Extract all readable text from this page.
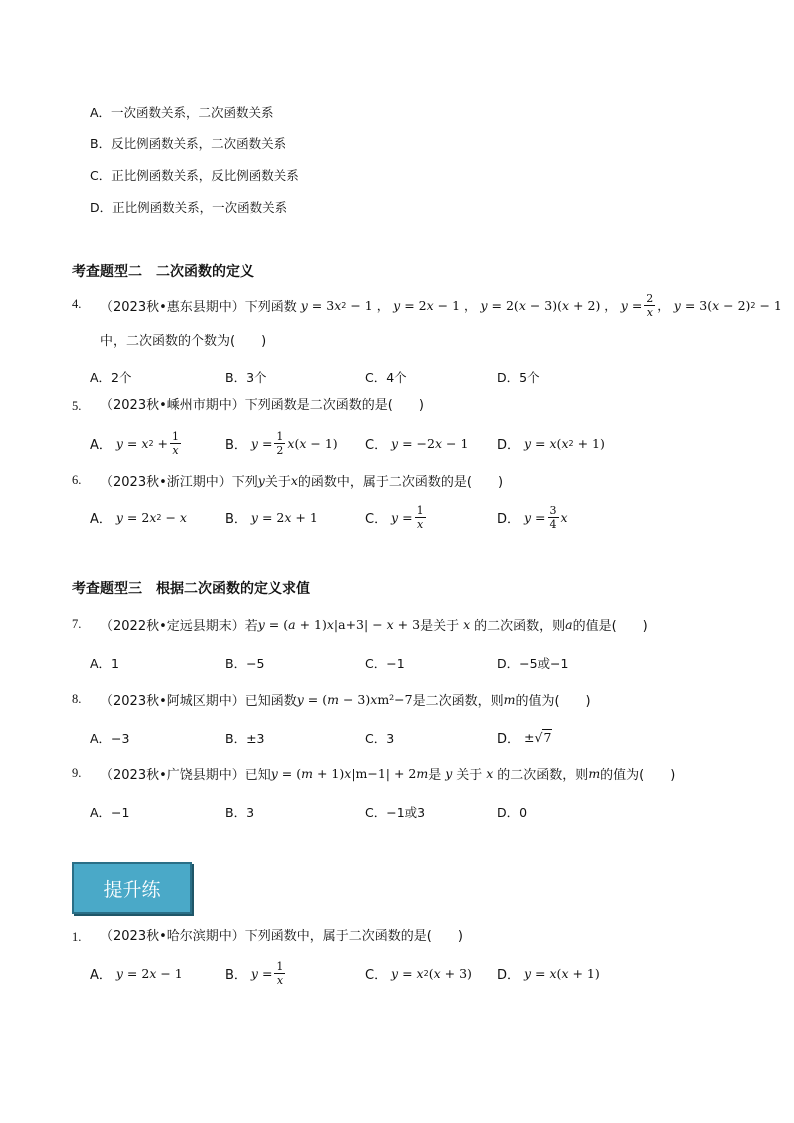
A．一次函数关系，二次函数关系
B．反比例函数关系，二次函数关系
C．正比例函数关系，反比例函数关系
D．正比例函数关系，一次函数关系
考查题型二　二次函数的定义
4. （2023秋•惠东县期中）下列函数 y = 3 x 2 − 1 ， y = 2 x − 1 ， y = 2( x − 3)( x + 2) ， $y = \frac{2}{x}$ ， y = 3( x − 2) 2 − 1
中，二次函数的个数为(　　)
A．2个	B．3个	C．4个	D．5个
5. （2023秋•嵊州市期中）下列函数是二次函数的是(　　)
A． y = x $2 + \frac{1}{x}$	B． $y = \frac{1}{2}$ x ( x − 1) C． y = −2 x − 1 D． y = x ( x 2 + 1)
6. （2023秋•浙江期中）下列 y 关于 x 的函数中，属于二次函数的是(　　)
A． y = 2 x 2 − x	B． y = 2 x + 1	C． $y = \frac{1}{x}$	D． $y = \frac{3}{4}$ x
考查题型三　根据二次函数的定义求值
7. （2022秋•定远县期末）若 y = ( a + 1) x |a+3| − x + 3 是关于 x 的二次函数，则 a 的值是(　　)
A．1	B．−5	C．−1	D．−5或−1
8. （2023秋•阿城区期中）已知函数 y = ( m − 3) x m²−7 是二次函数，则 m 的值为(　　)
A．−3	B．±3	C．3	D． ±√ 7
9. （2023秋•广饶县期中）已知 y = ( m + 1) x |m−1| + 2 m 是 y 关于 x 的二次函数，则 m 的值为(　　)
A．−1	B．3	C．−1或3	D．0
提升练
1. （2023秋•哈尔滨期中）下列函数中，属于二次函数的是(　　)
A． y = 2 x − 1	B． $y = \frac{1}{x}$	C． y = x 2 ( x + 3) D． y = x ( x + 1)
